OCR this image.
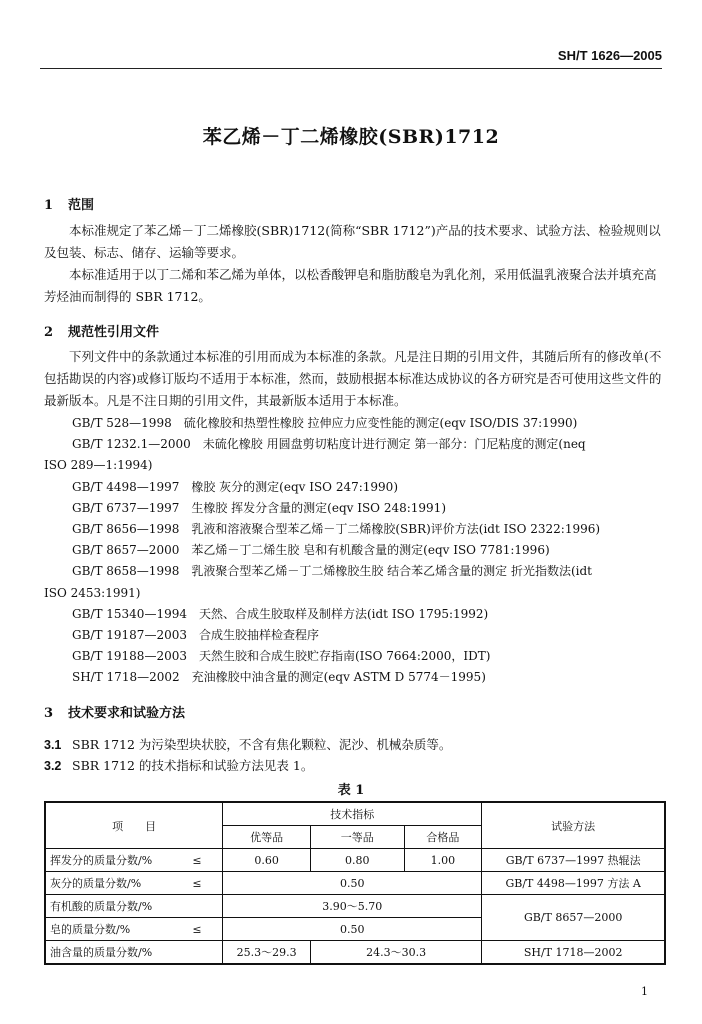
SH/T 1626—2005
苯乙烯－丁二烯橡胶(SBR)1712
1 范围
本标准规定了苯乙烯－丁二烯橡胶(SBR)1712(简称“SBR 1712”)产品的技术要求、试验方法、检验规则以及包装、标志、储存、运输等要求。
本标准适用于以丁二烯和苯乙烯为单体，以松香酸钾皂和脂肪酸皂为乳化剂，采用低温乳液聚合法并填充高芳烃油而制得的 SBR 1712。
2 规范性引用文件
下列文件中的条款通过本标准的引用而成为本标准的条款。凡是注日期的引用文件，其随后所有的修改单(不包括勘误的内容)或修订版均不适用于本标准，然而，鼓励根据本标准达成协议的各方研究是否可使用这些文件的最新版本。凡是不注日期的引用文件，其最新版本适用于本标准。
GB/T 528—1998　硫化橡胶和热塑性橡胶 拉伸应力应变性能的测定(eqv ISO/DIS 37:1990)
GB/T 1232.1—2000　未硫化橡胶 用圆盘剪切粘度计进行测定 第一部分：门尼粘度的测定(neq
ISO 289—1:1994)
GB/T 4498—1997　橡胶 灰分的测定(eqv ISO 247:1990)
GB/T 6737—1997　生橡胶 挥发分含量的测定(eqv ISO 248:1991)
GB/T 8656—1998　乳液和溶液聚合型苯乙烯－丁二烯橡胶(SBR)评价方法(idt ISO 2322:1996)
GB/T 8657—2000　苯乙烯－丁二烯生胶 皂和有机酸含量的测定(eqv ISO 7781:1996)
GB/T 8658—1998　乳液聚合型苯乙烯－丁二烯橡胶生胶 结合苯乙烯含量的测定 折光指数法(idt
ISO 2453:1991)
GB/T 15340—1994　天然、合成生胶取样及制样方法(idt ISO 1795:1992)
GB/T 19187—2003　合成生胶抽样检查程序
GB/T 19188—2003　天然生胶和合成生胶贮存指南(ISO 7664:2000，IDT)
SH/T 1718—2002　充油橡胶中油含量的测定(eqv ASTM D 5774－1995)
3 技术要求和试验方法
3.1 SBR 1712 为污染型块状胶，不含有焦化颗粒、泥沙、机械杂质等。
3.2 SBR 1712 的技术指标和试验方法见表 1。
表 1
项　　目		技术指标			试验方法
		优等品	一等品	合格品	
挥发分的质量分数/%	≤	0.60	0.80	1.00	GB/T 6737—1997 热辊法
灰分的质量分数/%	≤	0.50			GB/T 4498—1997 方法 A
有机酸的质量分数/%		3.90～5.70			GB/T 8657—2000
皂的质量分数/%	≤	0.50			
油含量的质量分数/%		25.3～29.3	24.3～30.3		SH/T 1718—2002
1
